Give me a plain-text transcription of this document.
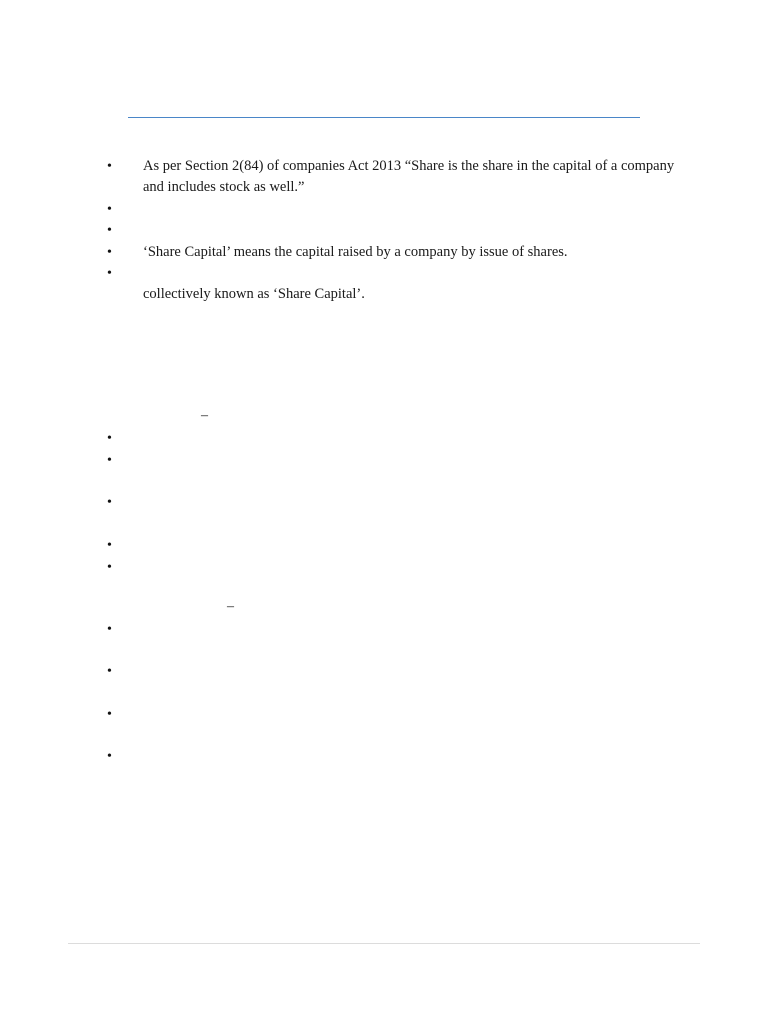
•	As per Section 2(84) of companies Act 2013 “Share is the share in the capital of a company
and includes stock as well.”
•
•
•	‘Share Capital’ means the capital raised by a company by issue of shares.
•
collectively known as ‘Share Capital’.
–
•
•
•
•
•
–
•
•
•
•
